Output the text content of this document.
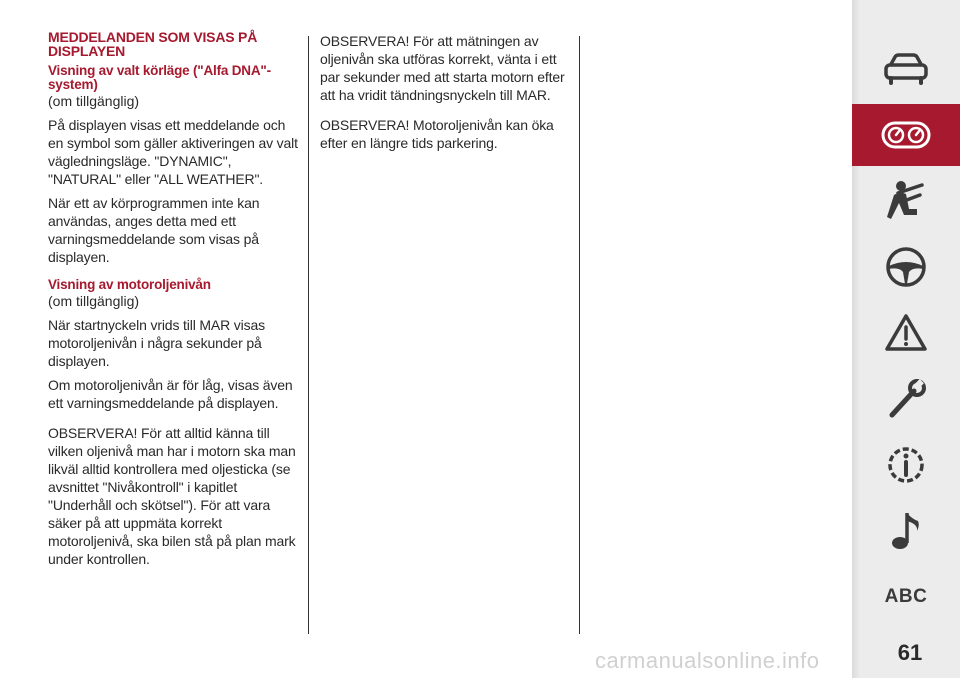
MEDDELANDEN SOM VISAS PÅ DISPLAYEN
Visning av valt körläge ("Alfa DNA"-system)
(om tillgänglig)

På displayen visas ett meddelande och en symbol som gäller aktiveringen av valt vägledningsläge. "DYNAMIC", "NATURAL" eller "ALL WEATHER".

När ett av körprogrammen inte kan användas, anges detta med ett varningsmeddelande som visas på displayen.

Visning av motoroljenivån
(om tillgänglig)

När startnyckeln vrids till MAR visas motoroljenivån i några sekunder på displayen.

Om motoroljenivån är för låg, visas även ett varningsmeddelande på displayen.

OBSERVERA! För att alltid känna till vilken oljenivå man har i motorn ska man likväl alltid kontrollera med oljesticka (se avsnittet "Nivåkontroll" i kapitlet "Underhåll och skötsel"). För att vara säker på att uppmäta korrekt motoroljenivå, ska bilen stå på plan mark under kontrollen.

OBSERVERA! För att mätningen av oljenivån ska utföras korrekt, vänta i ett par sekunder med att starta motorn efter att ha vridit tändningsnyckeln till MAR.

OBSERVERA! Motoroljenivån kan öka efter en längre tids parkering.

ABC
61
carmanualsonline.info
